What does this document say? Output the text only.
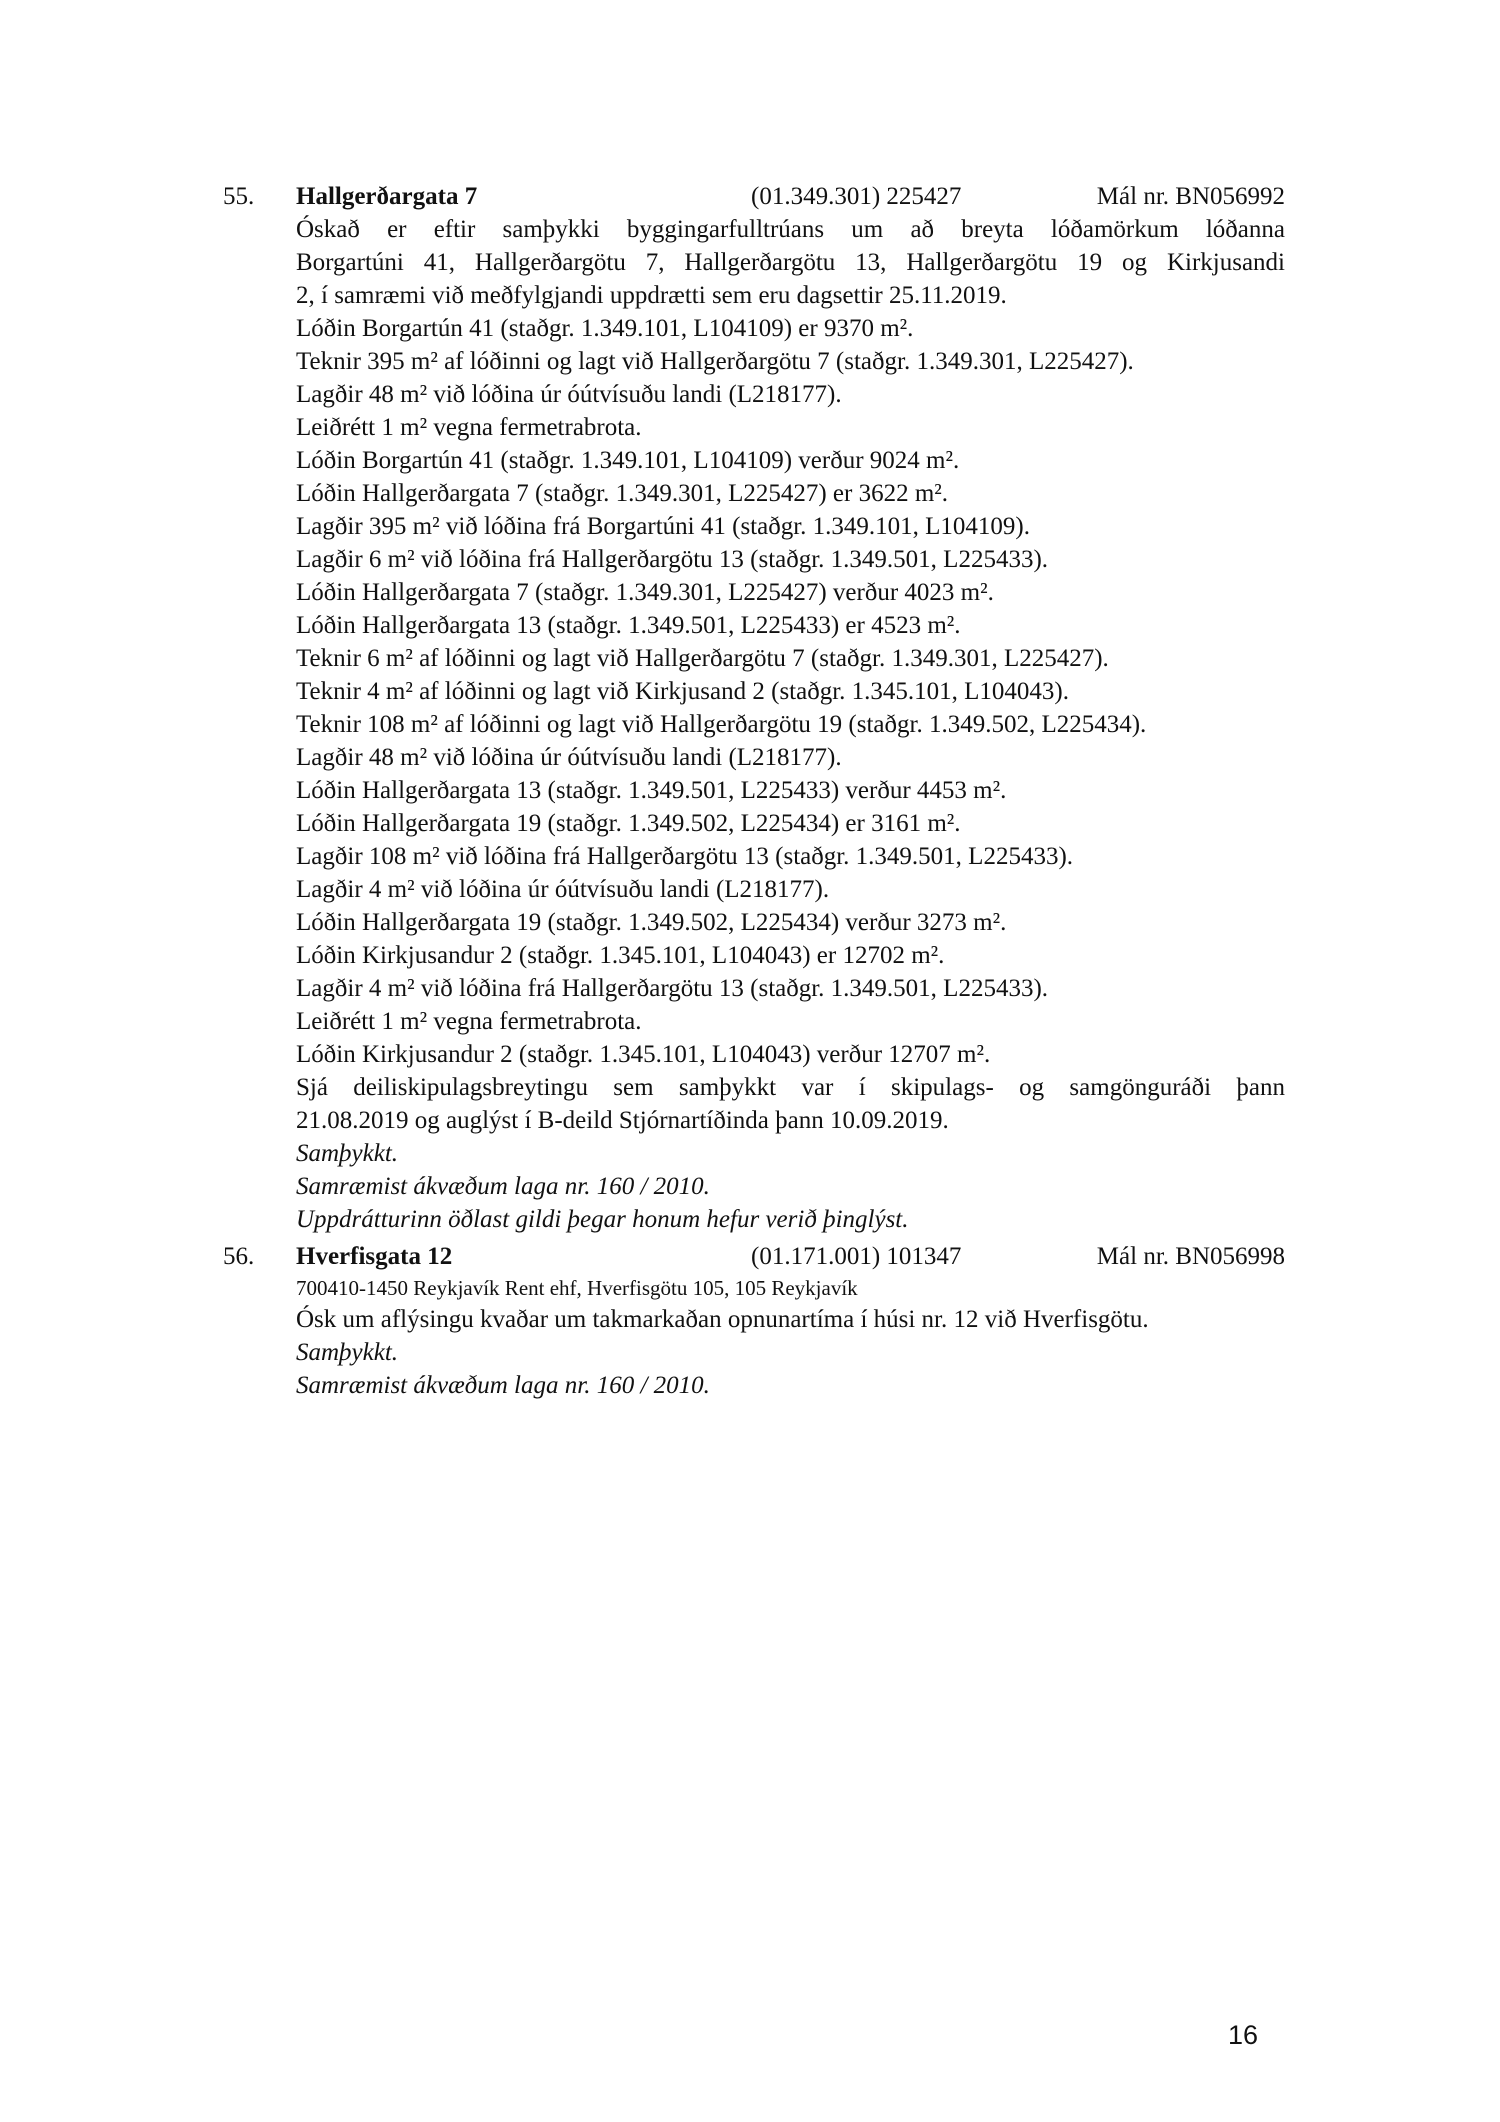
55. Hallgerðargata 7	(01.349.301) 225427	Mál nr. BN056992
Óskað er eftir samþykki byggingarfulltrúans um að breyta lóðamörkum lóðanna
Borgartúni 41, Hallgerðargötu 7, Hallgerðargötu 13, Hallgerðargötu 19 og Kirkjusandi
2, í samræmi við meðfylgjandi uppdrætti sem eru dagsettir 25.11.2019.
Lóðin Borgartún 41 (staðgr. 1.349.101, L104109) er 9370 m².
Teknir 395 m² af lóðinni og lagt við Hallgerðargötu 7 (staðgr. 1.349.301, L225427).
Lagðir 48 m² við lóðina úr óútvísuðu landi (L218177).
Leiðrétt 1 m² vegna fermetrabrota.
Lóðin Borgartún 41 (staðgr. 1.349.101, L104109) verður 9024 m².
Lóðin Hallgerðargata 7 (staðgr. 1.349.301, L225427) er 3622 m².
Lagðir 395 m² við lóðina frá Borgartúni 41 (staðgr. 1.349.101, L104109).
Lagðir 6 m² við lóðina frá Hallgerðargötu 13 (staðgr. 1.349.501, L225433).
Lóðin Hallgerðargata 7 (staðgr. 1.349.301, L225427) verður 4023 m².
Lóðin Hallgerðargata 13 (staðgr. 1.349.501, L225433) er 4523 m².
Teknir 6 m² af lóðinni og lagt við Hallgerðargötu 7 (staðgr. 1.349.301, L225427).
Teknir 4 m² af lóðinni og lagt við Kirkjusand 2 (staðgr. 1.345.101, L104043).
Teknir 108 m² af lóðinni og lagt við Hallgerðargötu 19 (staðgr. 1.349.502, L225434).
Lagðir 48 m² við lóðina úr óútvísuðu landi (L218177).
Lóðin Hallgerðargata 13 (staðgr. 1.349.501, L225433) verður 4453 m².
Lóðin Hallgerðargata 19 (staðgr. 1.349.502, L225434) er 3161 m².
Lagðir 108 m² við lóðina frá Hallgerðargötu 13 (staðgr. 1.349.501, L225433).
Lagðir 4 m² við lóðina úr óútvísuðu landi (L218177).
Lóðin Hallgerðargata 19 (staðgr. 1.349.502, L225434) verður 3273 m².
Lóðin Kirkjusandur 2 (staðgr. 1.345.101, L104043) er 12702 m².
Lagðir 4 m² við lóðina frá Hallgerðargötu 13 (staðgr. 1.349.501, L225433).
Leiðrétt 1 m² vegna fermetrabrota.
Lóðin Kirkjusandur 2 (staðgr. 1.345.101, L104043) verður 12707 m².
Sjá deiliskipulagsbreytingu sem samþykkt var í skipulags- og samgönguráði þann
21.08.2019 og auglýst í B-deild Stjórnartíðinda þann 10.09.2019.
Samþykkt.
Samræmist ákvæðum laga nr. 160 / 2010.
Uppdrátturinn öðlast gildi þegar honum hefur verið þinglýst.
56. Hverfisgata 12	(01.171.001) 101347	Mál nr. BN056998
700410-1450 Reykjavík Rent ehf, Hverfisgötu 105, 105 Reykjavík
Ósk um aflýsingu kvaðar um takmarkaðan opnunartíma í húsi nr. 12 við Hverfisgötu.
Samþykkt.
Samræmist ákvæðum laga nr. 160 / 2010.
16
